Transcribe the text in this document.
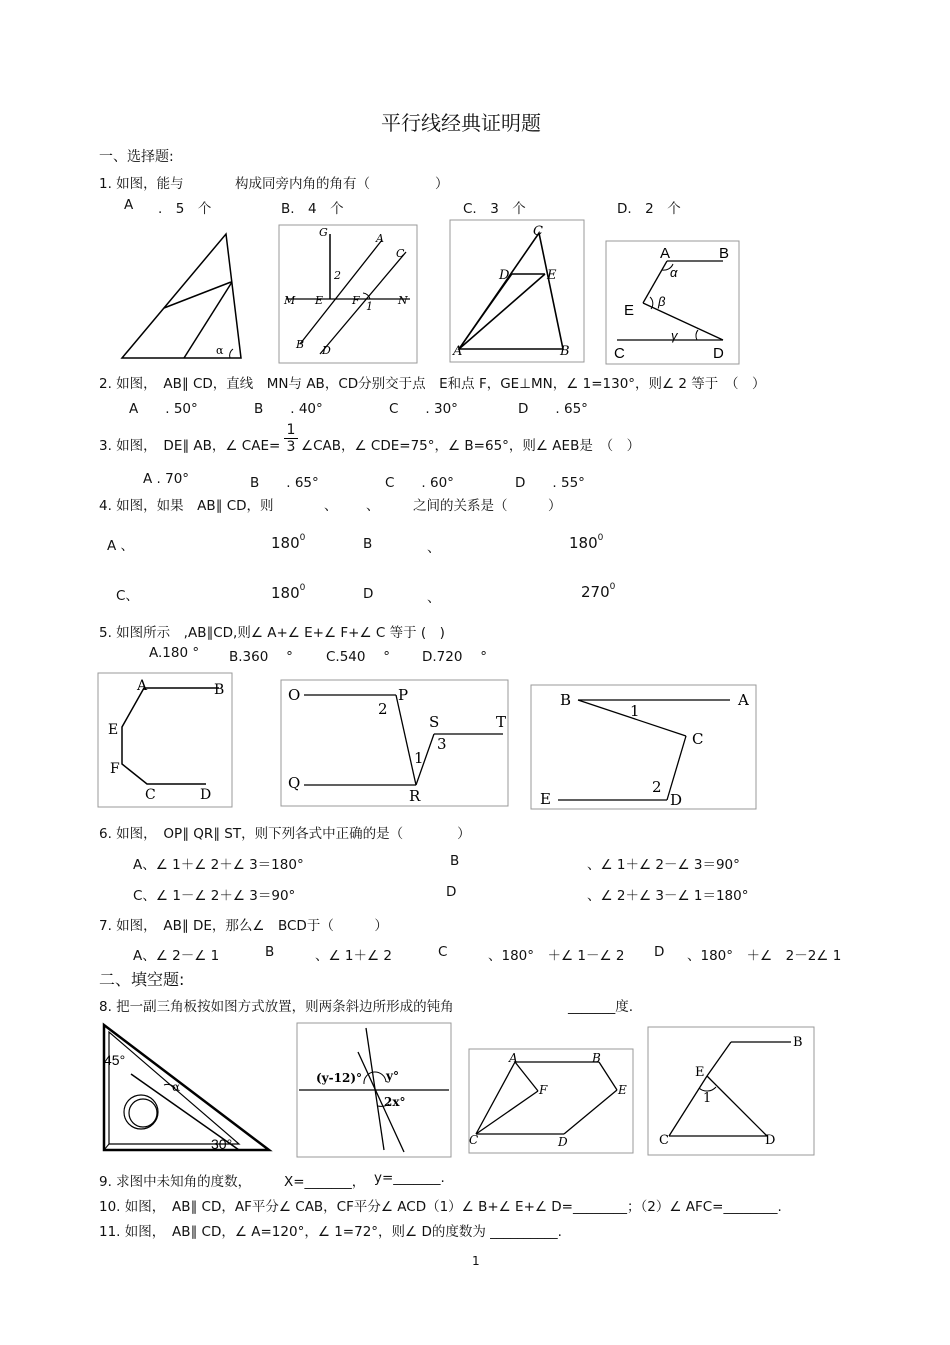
平行线经典证明题
一、选择题:
1. 如图，能与	构成同旁内角的角有（	）
A .　5　个	B.　4　个	C.　3　个	D.　2　个
α
G	A
C
2
M E	F 1 N
B D
C
D	E
A	B
A	B
α
E
β
γ
C	D
2. 如图，　AB∥ CD，直线　MN与 AB，CD分别交于点　E和点 F，GE⊥MN，∠ 1=130°，则∠ 2 等于　（　）
A　　. 50°	B　　. 40°	C　　. 30°	D　　. 65°
3. 如图，　DE∥ AB，∠ $CAE= \frac{1}{3}$ ∠CAB，∠ CDE=75°，∠ B=65°，则∠ AEB是　（　）
A . 70°	B　　. 65°	C　　. 60°	D　　. 55°
4. 如图，如果　AB∥ CD，则	、 、 之间的关系是（　　　）
A 、	$180^0$	B	、	$180^0$
C、	$180^0$	D	、	$270^0$
5. 如图所示　,AB∥CD,则∠ A+∠ E+∠ F+∠ C 等于 (　)
A.180 ° B.360　 ° C.540　 ° D.720　 °
A	B
E
F
C	D
O	P
2
S	T
1
3
Q
R
B	A
1
C
2
E	D
6. 如图，　OP∥ QR∥ ST，则下列各式中正确的是（　　　　）
A、∠ 1＋∠ 2＋∠ 3＝180°	B	、∠ 1＋∠ 2－∠ 3＝90°
C、∠ 1－∠ 2＋∠ 3＝90°	D	、∠ 2＋∠ 3－∠ 1＝180°
7. 如图，　AB∥ DE，那么∠　BCD于（　　　）
A、∠ 2－∠ 1	B	、∠ 1＋∠ 2	C	、180°　＋∠ 1－∠ 2 D 、180°　＋∠　2－2∠ 1
二、填空题:
8. 把一副三角板按如图方式放置，则两条斜边所形成的钝角	_______度.
45°
α
30°
(y-12)° y°
2x°
A	B
F	E
C	D
E
B
1
C	D
9. 求图中未知角的度数， X=_______， y=_______.
10. 如图，　AB∥ CD，AF平分∠ CAB，CF平分∠ ACD（1）∠ B+∠ E+∠ D=________；（2）∠ AFC=________.
11. 如图，　AB∥ CD，∠ A=120°，∠ 1=72°，则∠ D的度数为 __________.
1
